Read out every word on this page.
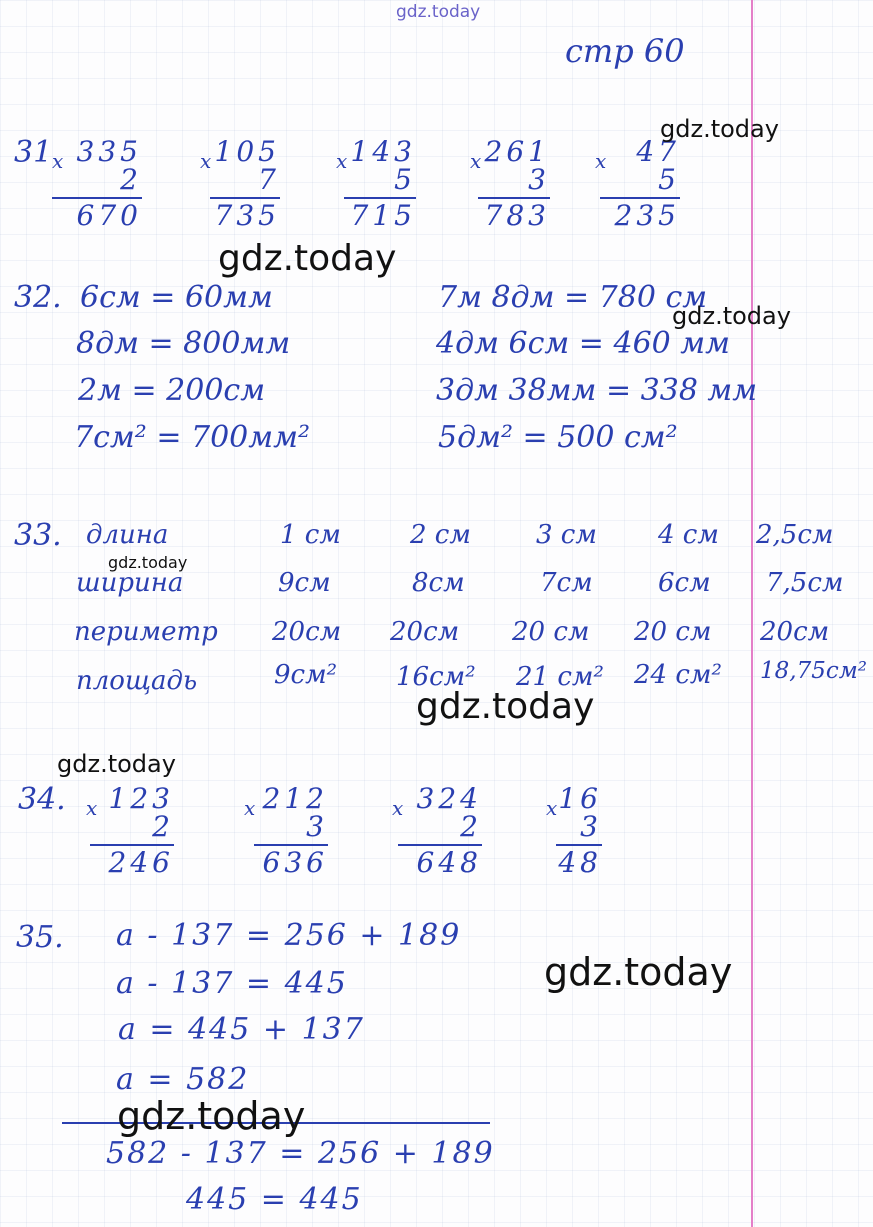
gdz.today
стр 60
31 x 335
2
670
x 105
7
735
x 143
5
715
x 261
3
783
x 47
5
235
gdz.today
gdz.today
32. 6см = 60мм
8дм = 800мм
2м = 200см
7см² = 700мм²
7м 8дм = 780 см
4дм 6см = 460 мм
3дм 38мм = 338 мм
5дм² = 500 см²
gdz.today
33.
gdz.today
длина	1 см	2 см	3 см 4 см 2,5см
ширина	9см	8см	7см	6см 7,5см
периметр 20см 20см 20 см 20 см 20см
площадь	9см² 16см² 21 см² 24 см² 18,75см²
gdz.today
gdz.today
34. x 123
2
246
x 212
3
636
x 324
2
648
x 16
3
48
35. a - 137 = 256 + 189
a - 137 = 445
a = 445 + 137
a = 582
582 - 137 = 256 + 189
445 = 445
gdz.today
gdz.today
